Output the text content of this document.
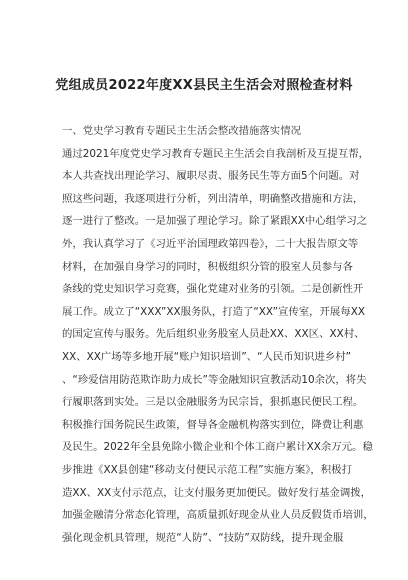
党组成员2022年度XX县民主生活会对照检查材料
一、党史学习教育专题民主生活会整改措施落实情况
通过2021年度党史学习教育专题民主生活会自我剖析及互提互帮，
本人共查找出理论学习、履职尽责、服务民生等方面5个问题。对
照这些问题，我逐项进行分析，列出清单，明确整改措施和方法，
逐一进行了整改。一是加强了理论学习。除了紧跟XX中心组学习之
外，我认真学习了《习近平治国理政第四卷》，二十大报告原文等
材料，在加强自身学习的同时，积极组织分管的股室人员参与各
条线的党史知识学习竞赛，强化党建对业务的引领。二是创新性开
展工作。成立了“XXX”XX服务队，打造了“XX”宣传室，开展每XX
的国定宣传与服务。先后组织业务股室人员赴XX、XX区、XX村、
XX、XX广场等多地开展“账户知识培训”、“人民币知识进乡村”
、“珍爱信用防范欺诈助力成长”等金融知识宣教活动10余次，将失
行履职落到实处。三是以金融服务为民宗旨，狠抓惠民便民工程。
积极推行国务院民生政策，督导各金融机构落实到位，降费让利惠
及民生。2022年全县免除小微企业和个体工商户累计XX余万元。稳
步推进《XX县创建“移动支付便民示范工程”实施方案》，积极打
造XX、XX支付示范点，让支付服务更加便民。做好发行基金调拨，
加强金融清分常态化管理，高质量抓好现金从业人员反假货币培训，
强化现金机具管理，规范“人防”、“技防”双防线，提升现金服
